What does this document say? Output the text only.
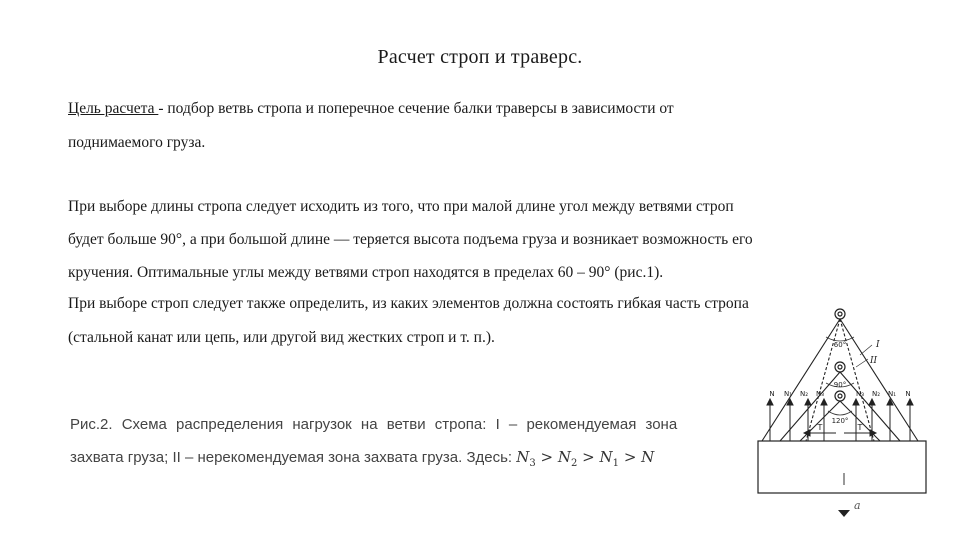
Расчет строп и траверс.
Цель расчета - подбор ветвь стропа и поперечное сечение балки траверсы в зависимости от
поднимаемого груза.
При выборе длины стропа следует исходить из того, что при малой длине угол между ветвями строп
будет больше 90°, а при большой длине — теряется высота подъема груза и возникает возможность его
кручения. Оптимальные углы между ветвями строп находятся в пределах 60 – 90° (рис.1).
При выборе строп следует также определить, из каких элементов должна состоять гибкая часть стропа
(стальной канат или цепь, или другой вид жестких строп и т. п.).
Рис.2. Схема распределения нагрузок на ветви стропа: I – рекомендуемая зона
захвата груза; II – нерекомендуемая зона захвата груза. Здесь: $N_3 > N_2 > N_1 > N$
60°
90°
120°
I
II
T	T
N N₁ N₂ N₃	N₃ N₂ N₁ N
a
